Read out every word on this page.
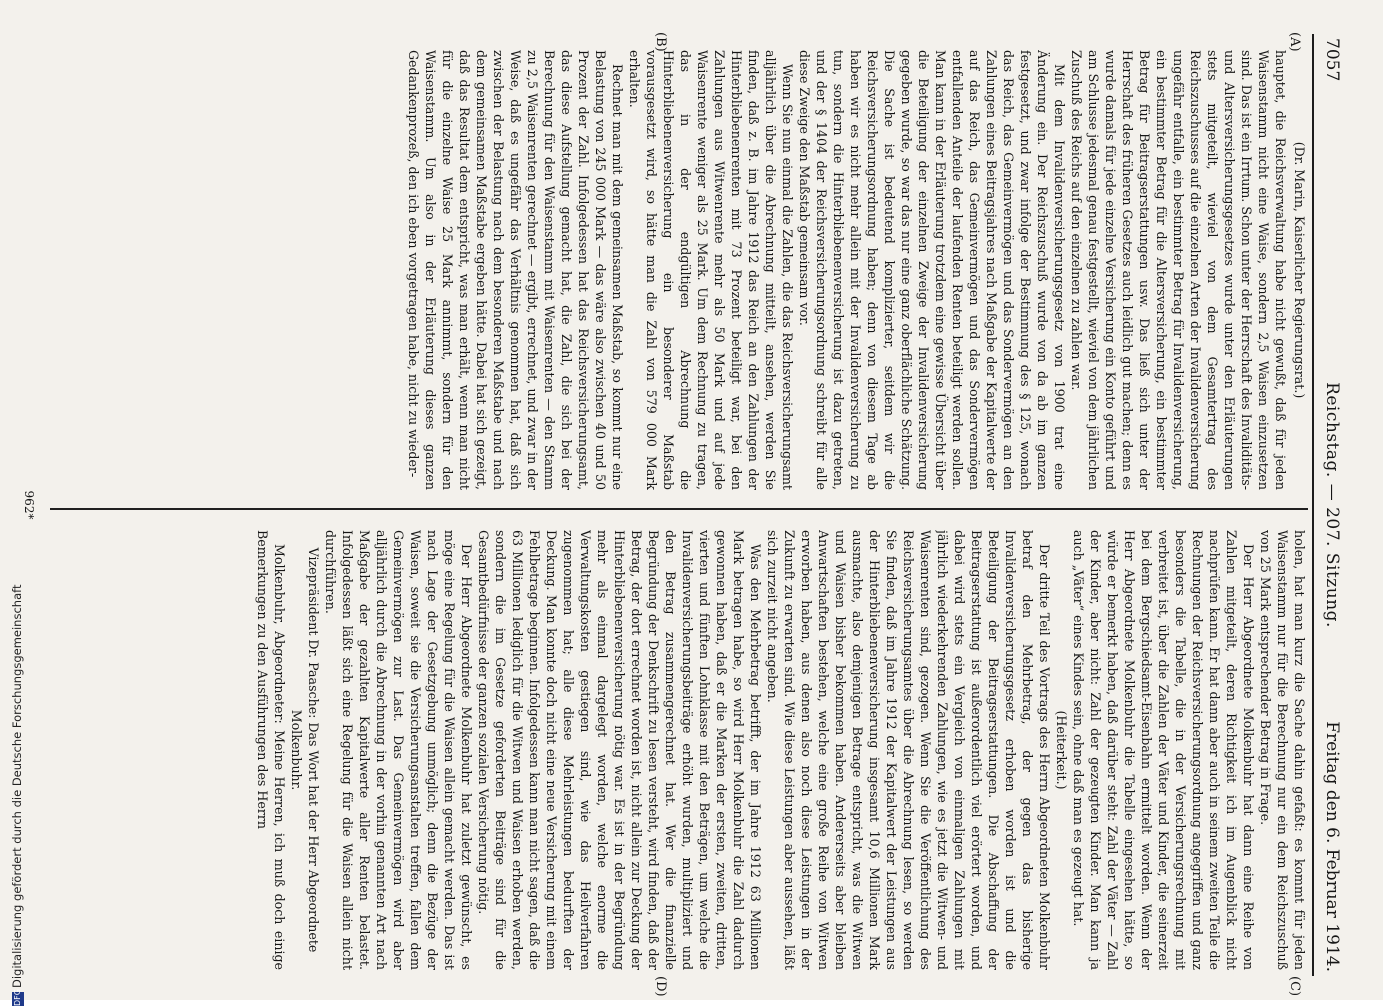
DFGDigitalisierung gefördert durch die Deutsche Forschungsgemeinschaft
7057
Reichstag. — 207. Sitzung.
Freitag den 6. Februar 1914.
(A)
(B)
(C)
(D)

(Dr. Marin, Kaiserlicher Regierungsrat.)

hauptet, die Reichsverwaltung habe nicht gewußt, daß für jeden Waisenstamm nicht eine Waise, sondern 2,5 Waisen einzusetzen sind. Das ist ein Irrtum. Schon unter der Herrschaft des Invaliditäts- und Altersversicherungsgesetzes wurde unter den Erläuterungen stets mitgeteilt, wieviel von dem Gesamtertrag des Reichszuschusses auf die einzelnen Arten der Invalidenversicherung ungefähr entfalle, ein bestimmter Betrag für Invalidenversicherung, ein bestimmter Betrag für die Altersversicherung, ein bestimmter Betrag für Beitragserstattungen usw. Das ließ sich unter der Herrschaft des früheren Gesetzes auch leidlich gut machen; denn es wurde damals für jede einzelne Versicherung ein Konto geführt und am Schlusse jedesmal genau festgestellt, wieviel von dem jährlichen Zuschuß des Reichs auf den einzelnen zu zahlen war.

Mit dem Invalidenversicherungsgesetz von 1900 trat eine Änderung ein. Der Reichszuschuß wurde von da ab im ganzen festgesetzt, und zwar infolge der Bestimmung des § 125, wonach das Reich, das Gemeinvermögen und das Sondervermögen an den Zahlungen eines Beitragsjahres nach Maßgabe der Kapitalwerte der auf das Reich, das Gemeinvermögen und das Sondervermögen entfallenden Anteile der laufenden Renten beteiligt werden sollen. Man kann in der Erläuterung trotzdem eine gewisse Übersicht über die Beteiligung der einzelnen Zweige der Invalidenversicherung gegeben wurde, so war das nur eine ganz oberflächliche Schätzung. Die Sache ist bedeutend komplizierter, seitdem wir die Reichsversicherungsordnung haben; denn von diesem Tage ab haben wir es nicht mehr allein mit der Invalidenversicherung zu tun, sondern die Hinterbliebenenversicherung ist dazu getreten, und der § 1404 der Reichsversicherungsordnung schreibt für alle diese Zweige den Maßstab gemeinsam vor.

Wenn Sie nun einmal die Zahlen, die das Reichsversicherungsamt alljährlich über die Abrechnung mitteilt, ansehen, werden Sie finden, daß z. B. im Jahre 1912 das Reich an den Zahlungen der Hinterbliebenenrenten mit 73 Prozent beteiligt war, bei den Zahlungen aus Witwenrente mehr als 50 Mark und auf jede Waisenrente weniger als 25 Mark. Um dem Rechnung zu tragen, das in der endgültigen Abrechnung die Hinterbliebenenversicherung ein besonderer Maßstab vorausgesetzt wird, so hätte man die Zahl von 579 000 Mark erhalten.

Rechnet man mit dem gemeinsamen Maßstab, so kommt nur eine Belastung von 245 000 Mark — das wäre also zwischen 40 und 50 Prozent der Zahl. Infolgedessen hat das Reichsversicherungsamt, das diese Aufstellung gemacht hat, die Zahl, die sich bei der Berechnung für den Waisenstamm mit Waisenrenten — den Stamm zu 2,5 Waisenrenten gerechnet — ergibt, errechnet, und zwar in der Weise, daß es ungefähr das Verhältnis genommen hat, daß sich zwischen der Belastung nach dem besonderen Maßstabe und nach dem gemeinsamen Maßstabe ergeben hätte. Dabei hat sich gezeigt, daß das Resultat dem entspricht, was man erhält, wenn man nicht für die einzelne Waise 25 Mark annimmt, sondern für den Waisenstamm. Um also in der Erläuterung dieses ganzen Gedankenprozeß, den ich eben vorgetragen habe, nicht zu wieder-

holen, hat man kurz die Sache dahin gefaßt: es kommt für jeden Waisenstamm nur für die Berechnung nur ein dem Reichszuschuß von 25 Mark entsprechender Betrag in Frage.

Der Herr Abgeordnete Molkenbuhr hat dann eine Reihe von Zahlen mitgeteilt, deren Richtigkeit ich im Augenblick nicht nachprüfen kann. Er hat dann aber auch in seinem zweiten Teile die Rechnungen der Reichsversicherungsordnung angegriffen und ganz besonders die Tabelle, die in der Versicherungsrechnung mit verbreitet ist, über die Zahlen der Väter und Kinder, die seinerzeit bei dem Bergschiedsamt-Eisenbahn ermittelt worden. Wenn der Herr Abgeordnete Molkenbuhr die Tabelle eingesehen hätte, so würde er bemerkt haben, daß darüber steht: Zahl der Väter — Zahl der Kinder, aber nicht: Zahl der gezeugten Kinder. Man kann ja auch „Väter“ eines Kindes sein, ohne daß man es gezeugt hat.

(Heiterkeit.)

Der dritte Teil des Vortrags des Herrn Abgeordneten Molkenbuhr betraf den Mehrbetrag, der gegen das bisherige Invalidenversicherungsgesetz erhoben worden ist und die Beteiligung der Beitragserstattungen. Die Abschaffung der Beitragserstattung ist außerordentlich viel erörtert worden, und dabei wird stets ein Vergleich von einmaligen Zahlungen mit jährlich wiederkehrenden Zahlungen, wie es jetzt die Witwen- und Waisenrenten sind, gezogen. Wenn Sie die Veröffentlichung des Reichsversicherungsamtes über die Abrechnung lesen, so werden Sie finden, daß im Jahre 1912 der Kapitalwert der Leistungen aus der Hinterbliebenenversicherung insgesamt 10,6 Millionen Mark ausmachte, also demjenigen Betrage entspricht, was die Witwen und Waisen bisher bekommen haben. Andererseits aber bleiben Anwartschaften bestehen, welche eine große Reihe von Witwen erworben haben, aus denen also noch diese Leistungen in der Zukunft zu erwarten sind. Wie diese Leistungen aber aussehen, läßt sich zurzeit nicht angeben.

Was den Mehrbetrag betrifft, der im Jahre 1912 63 Millionen Mark betragen habe, so wird Herr Molkenbuhr die Zahl dadurch gewonnen haben, daß er die Marken der ersten, zweiten, dritten, vierten und fünften Lohnklasse mit den Beträgen, um welche die Invalidenversicherungsbeiträge erhöht wurden, multipliziert und den Betrag zusammengerechnet hat. Wer die finanzielle Begründung der Denkschrift zu lesen versteht, wird finden, daß der Betrag, der dort errechnet worden ist, nicht allein zur Deckung der Hinterbliebenenversicherung nötig war. Es ist in der Begründung mehr als einmal dargelegt worden, welche enorme die Verwaltungskosten gestiegen sind, wie das Heilverfahren zugenommen hat; alle diese Mehrleistungen bedurften der Deckung. Man konnte doch nicht eine neue Versicherung mit einem Fehlbetrage beginnen. Infolgedessen kann man nicht sagen, daß die 63 Millionen lediglich für die Witwen und Waisen erhoben werden, sondern die im Gesetze geforderten Beiträge sind für die Gesamtbedürfnisse der ganzen sozialen Versicherung nötig.

Der Herr Abgeordnete Molkenbuhr hat zuletzt gewünscht, es möge eine Regelung für die Waisen allein gemacht werden. Das ist nach Lage der Gesetzgebung unmöglich; denn die Bezüge der Waisen, soweit sie die Versicherungsanstalten treffen, fallen dem Gemeinvermögen zur Last. Das Gemeinvermögen wird aber alljährlich durch die Abrechnung in der vorhin genannten Art nach Maßgabe der gezahlten Kapitalwerte aller Renten belastet. Infolgedessen läßt sich eine Regelung für die Waisen allein nicht durchführen.

Vizepräsident Dr. Paasche: Das Wort hat der Herr Abgeordnete Molkenbuhr.

Molkenbuhr, Abgeordneter: Meine Herren, ich muß doch einige Bemerkungen zu den Ausführungen des Herrn

962*
